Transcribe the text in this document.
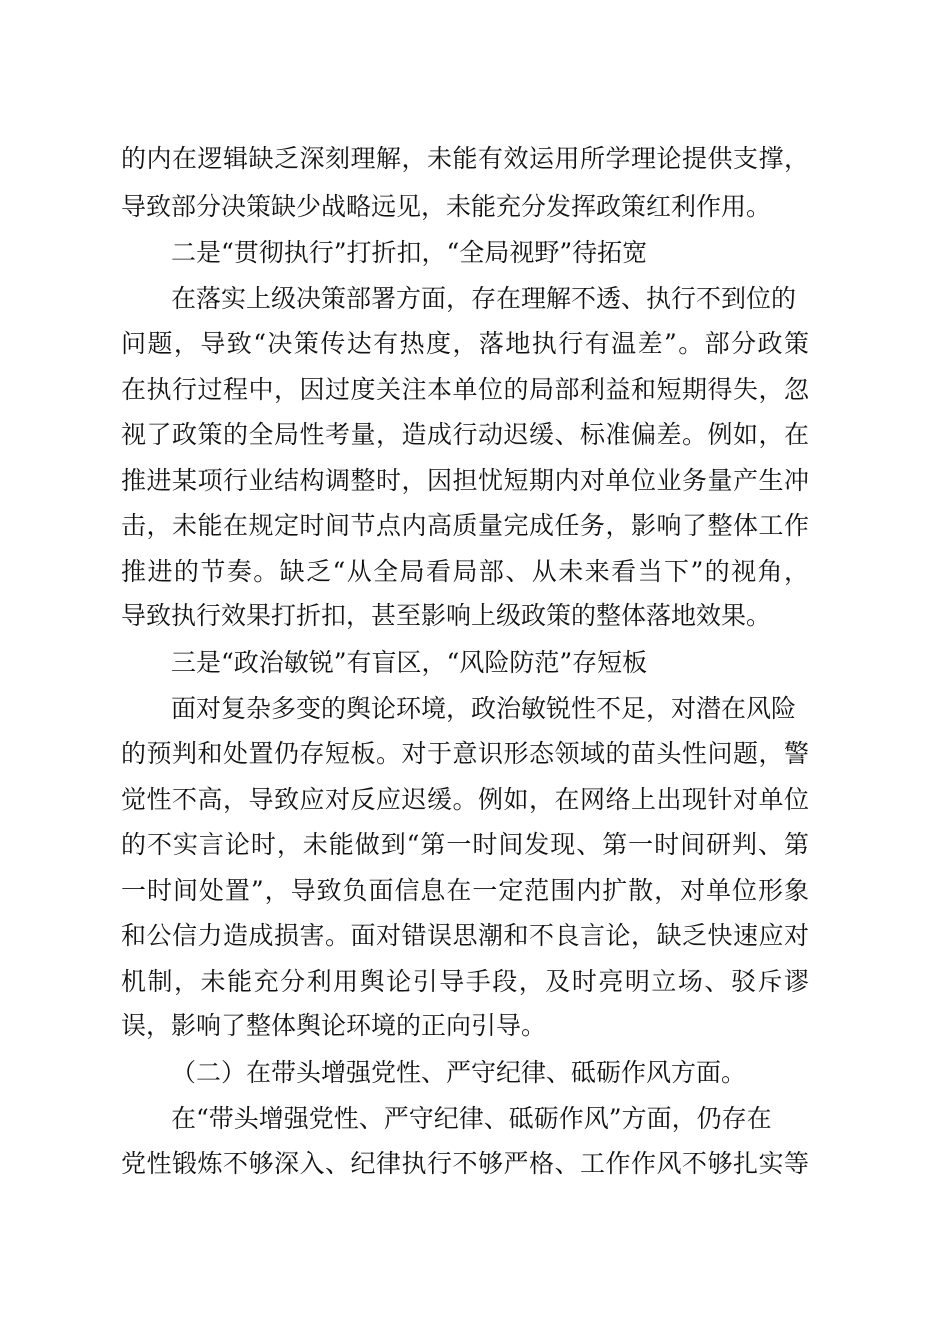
的内在逻辑缺乏深刻理解，未能有效运用所学理论提供支撑，
导致部分决策缺少战略远见，未能充分发挥政策红利作用。
二是“贯彻执行”打折扣，“全局视野”待拓宽
在落实上级决策部署方面，存在理解不透、执行不到位的
问题，导致“决策传达有热度，落地执行有温差”。部分政策
在执行过程中，因过度关注本单位的局部利益和短期得失，忽
视了政策的全局性考量，造成行动迟缓、标准偏差。例如，在
推进某项行业结构调整时，因担忧短期内对单位业务量产生冲
击，未能在规定时间节点内高质量完成任务，影响了整体工作
推进的节奏。缺乏“从全局看局部、从未来看当下”的视角，
导致执行效果打折扣，甚至影响上级政策的整体落地效果。
三是“政治敏锐”有盲区，“风险防范”存短板
面对复杂多变的舆论环境，政治敏锐性不足，对潜在风险
的预判和处置仍存短板。对于意识形态领域的苗头性问题，警
觉性不高，导致应对反应迟缓。例如，在网络上出现针对单位
的不实言论时，未能做到“第一时间发现、第一时间研判、第
一时间处置”，导致负面信息在一定范围内扩散，对单位形象
和公信力造成损害。面对错误思潮和不良言论，缺乏快速应对
机制，未能充分利用舆论引导手段，及时亮明立场、驳斥谬
误，影响了整体舆论环境的正向引导。
（二）在带头增强党性、严守纪律、砥砺作风方面。
在“带头增强党性、严守纪律、砥砺作风”方面，仍存在
党性锻炼不够深入、纪律执行不够严格、工作作风不够扎实等
